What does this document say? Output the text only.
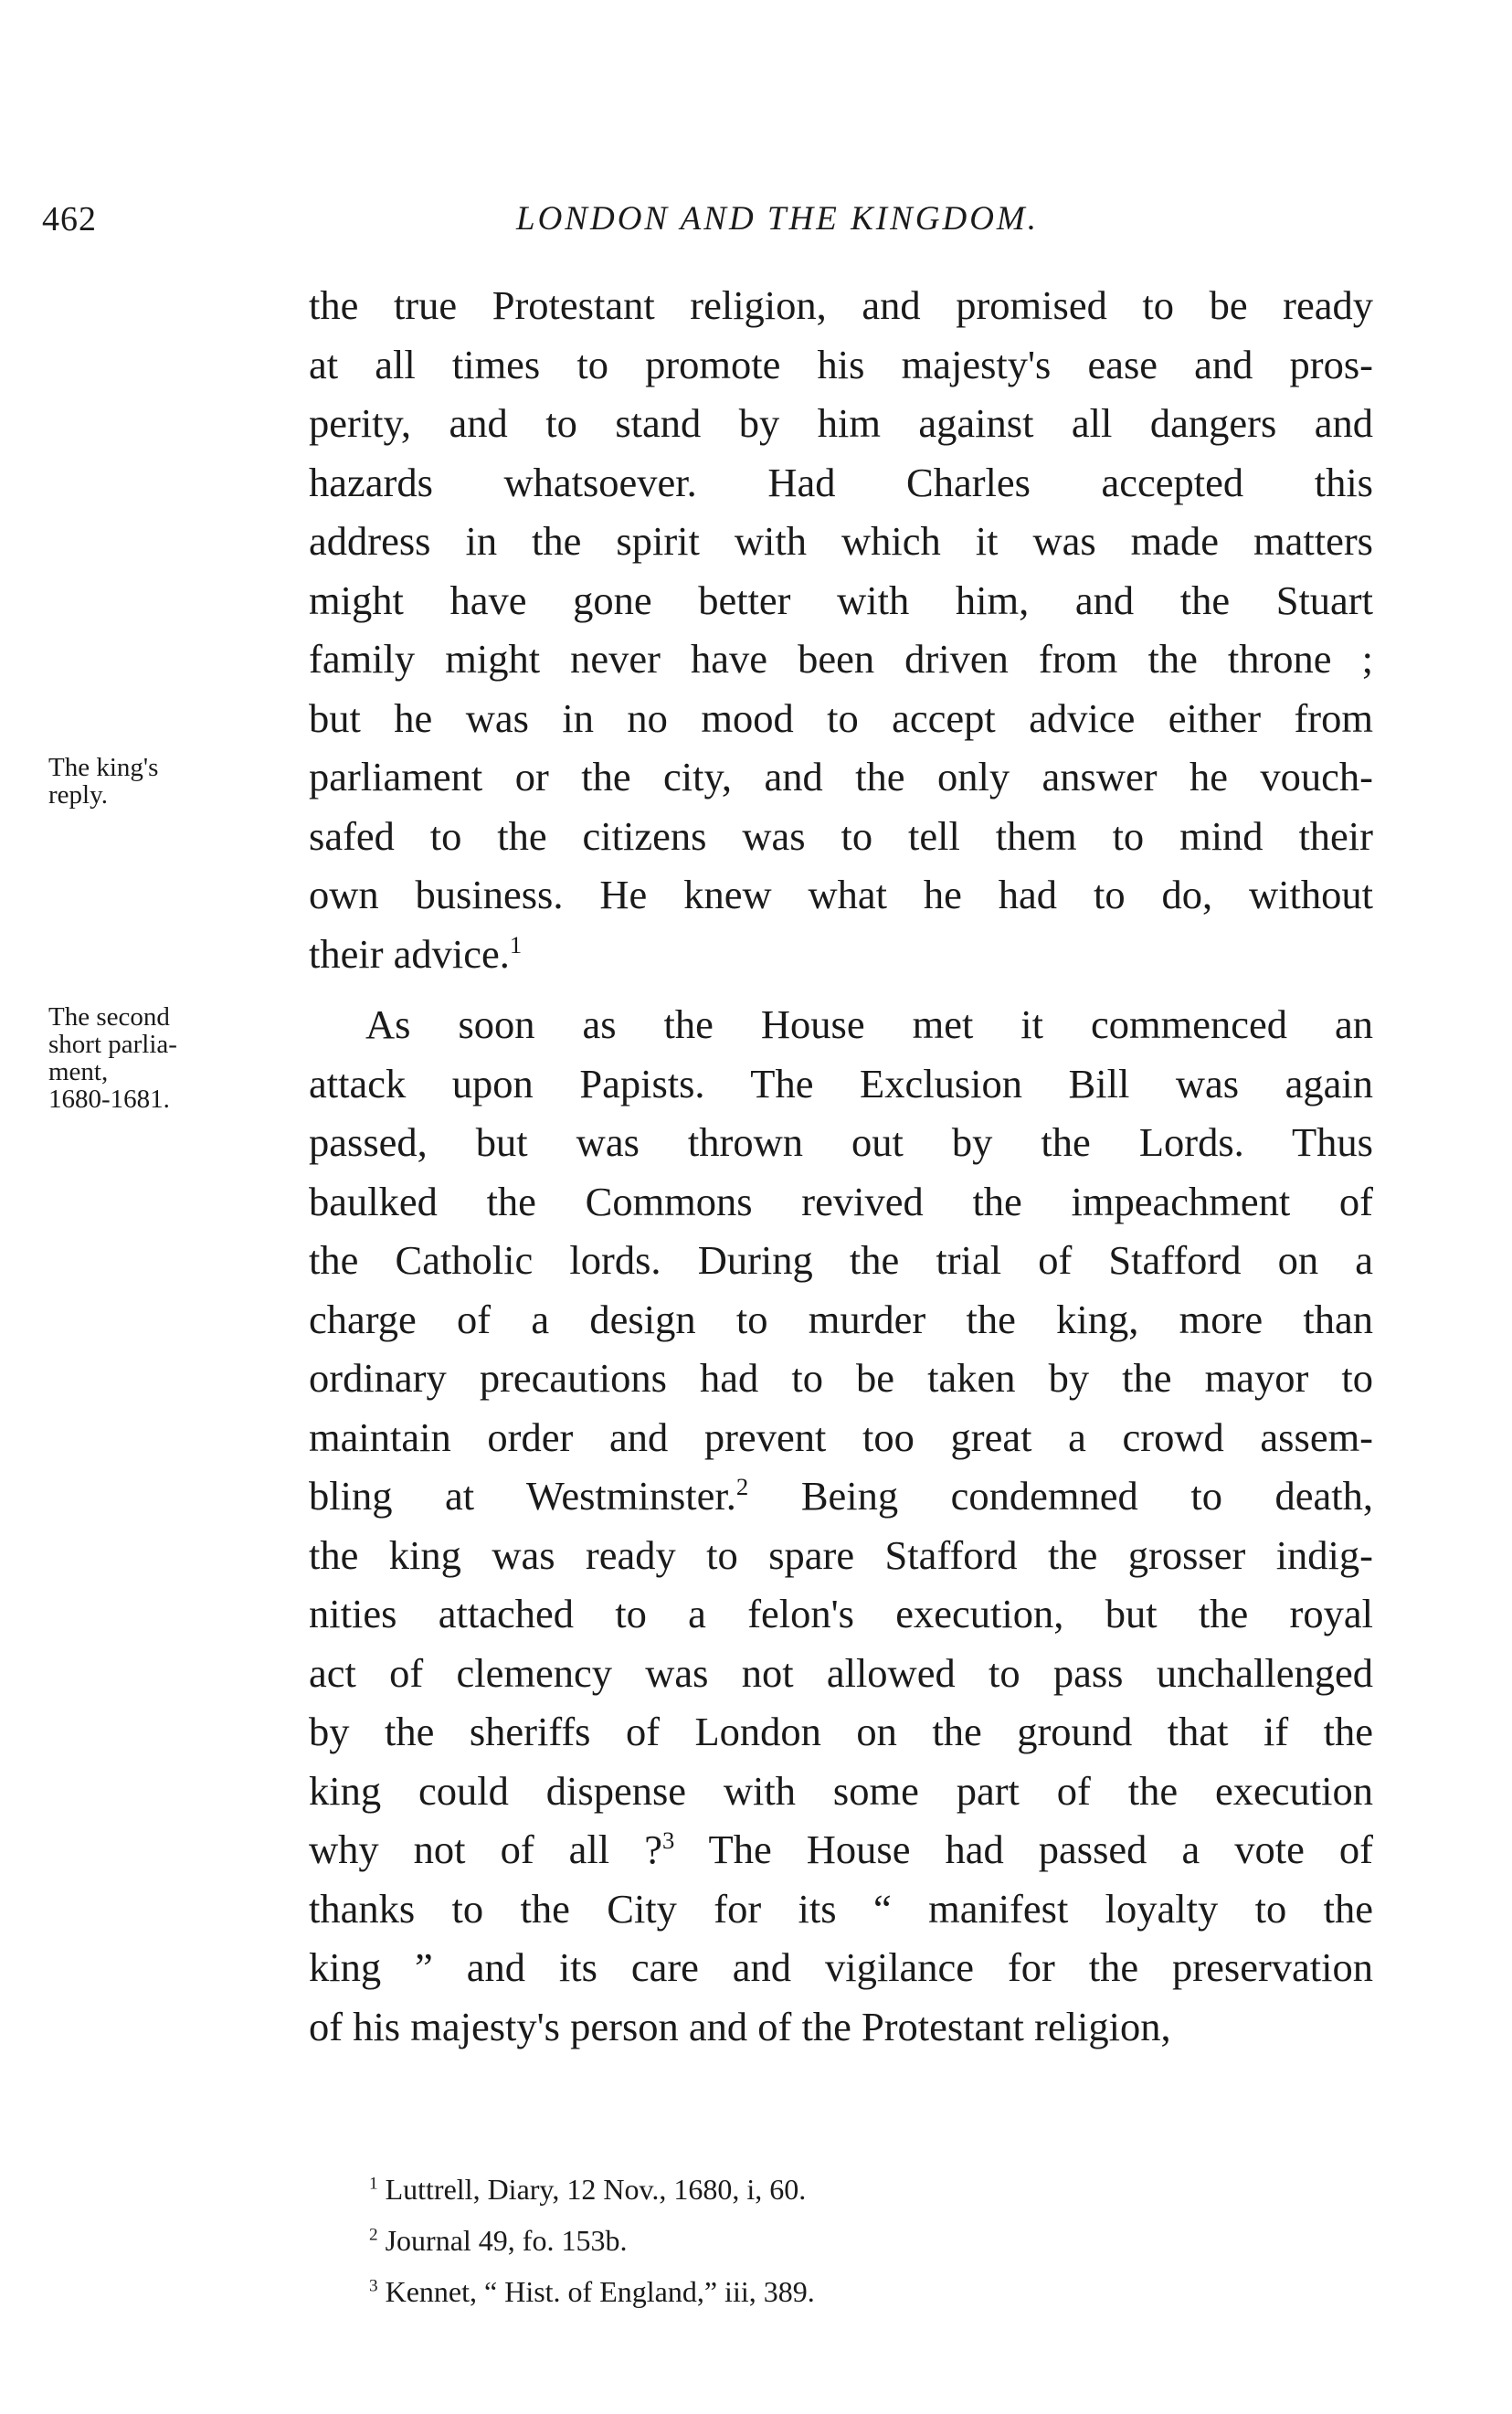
462	LONDON AND THE KINGDOM.
The king's
reply.
The second
short parlia-
ment,
1680-1681.
the true Protestant religion, and promised to be ready
at all times to promote his majesty's ease and pros-
perity, and to stand by him against all dangers and
hazards whatsoever. Had Charles accepted this
address in the spirit with which it was made matters
might have gone better with him, and the Stuart
family might never have been driven from the throne ;
but he was in no mood to accept advice either from
parliament or the city, and the only answer he vouch-
safed to the citizens was to tell them to mind their
own business. He knew what he had to do, without
their advice.$^1$
As soon as the House met it commenced an
attack upon Papists. The Exclusion Bill was again
passed, but was thrown out by the Lords. Thus
baulked the Commons revived the impeachment of
the Catholic lords. During the trial of Stafford on a
charge of a design to murder the king, more than
ordinary precautions had to be taken by the mayor to
maintain order and prevent too great a crowd assem-
bling at Westminster.$^2$ Being condemned to death,
the king was ready to spare Stafford the grosser indig-
nities attached to a felon's execution, but the royal
act of clemency was not allowed to pass unchallenged
by the sheriffs of London on the ground that if the
king could dispense with some part of the execution
why not of all ?$^3$ The House had passed a vote of
thanks to the City for its “ manifest loyalty to the
king ” and its care and vigilance for the preservation
of his majesty's person and of the Protestant religion,
$^1$ Luttrell, Diary, 12 Nov., 1680, i, 60.
$^2$ Journal 49, fo. 153b.
$^3$ Kennet, “ Hist. of England,” iii, 389.
